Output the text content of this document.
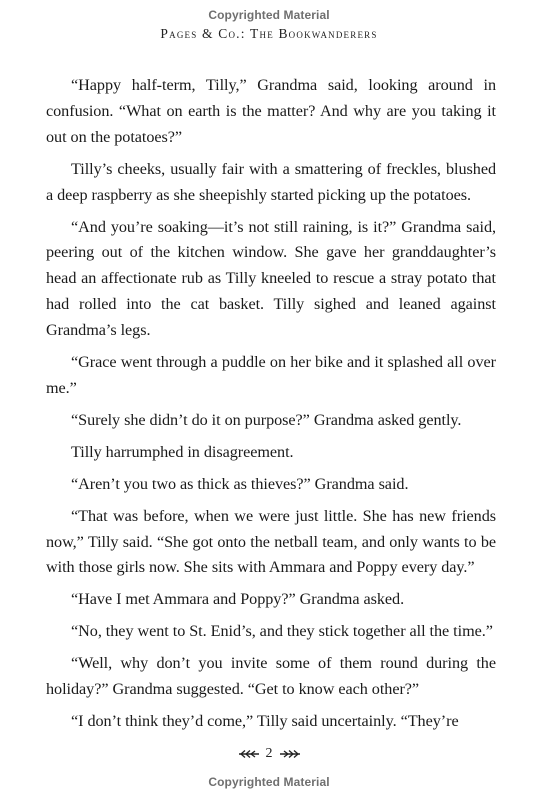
Copyrighted Material
Pages & Co.: The Bookwanderers

“Happy half-term, Tilly,” Grandma said, looking around in confusion. “What on earth is the matter? And why are you taking it out on the potatoes?”

Tilly’s cheeks, usually fair with a smattering of freckles, blushed a deep raspberry as she sheepishly started picking up the potatoes.

“And you’re soaking—it’s not still raining, is it?” Grandma said, peering out of the kitchen window. She gave her granddaughter’s head an affectionate rub as Tilly kneeled to rescue a stray potato that had rolled into the cat basket. Tilly sighed and leaned against Grandma’s legs.

“Grace went through a puddle on her bike and it splashed all over me.”

“Surely she didn’t do it on purpose?” Grandma asked gently.

Tilly harrumphed in disagreement.

“Aren’t you two as thick as thieves?” Grandma said.

“That was before, when we were just little. She has new friends now,” Tilly said. “She got onto the netball team, and only wants to be with those girls now. She sits with Ammara and Poppy every day.”

“Have I met Ammara and Poppy?” Grandma asked.

“No, they went to St. Enid’s, and they stick together all the time.”

“Well, why don’t you invite some of them round during the holiday?” Grandma suggested. “Get to know each other?”

“I don’t think they’d come,” Tilly said uncertainly. “They’re

2
Copyrighted Material
